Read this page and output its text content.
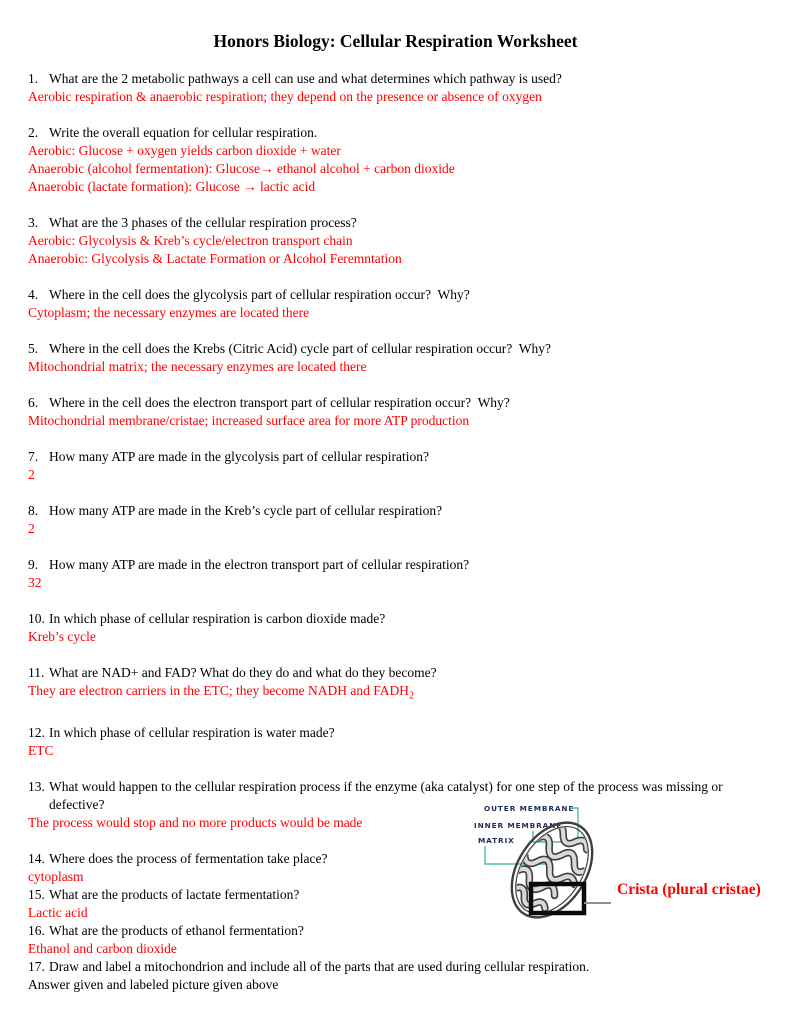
Honors Biology: Cellular Respiration Worksheet
1. What are the 2 metabolic pathways a cell can use and what determines which pathway is used?
Aerobic respiration & anaerobic respiration; they depend on the presence or absence of oxygen
2. Write the overall equation for cellular respiration.
Aerobic: Glucose + oxygen yields carbon dioxide + water
Anaerobic (alcohol fermentation): Glucose→ ethanol alcohol + carbon dioxide
Anaerobic (lactate formation): Glucose → lactic acid
3. What are the 3 phases of the cellular respiration process?
Aerobic: Glycolysis & Kreb’s cycle/electron transport chain
Anaerobic: Glycolysis & Lactate Formation or Alcohol Feremntation
4. Where in the cell does the glycolysis part of cellular respiration occur?  Why?
Cytoplasm; the necessary enzymes are located there
5. Where in the cell does the Krebs (Citric Acid) cycle part of cellular respiration occur?  Why?
Mitochondrial matrix; the necessary enzymes are located there
6. Where in the cell does the electron transport part of cellular respiration occur?  Why?
Mitochondrial membrane/cristae; increased surface area for more ATP production
7. How many ATP are made in the glycolysis part of cellular respiration?
2
8. How many ATP are made in the Kreb’s cycle part of cellular respiration?
2
9. How many ATP are made in the electron transport part of cellular respiration?
32
10. In which phase of cellular respiration is carbon dioxide made?
Kreb’s cycle
11. What are NAD+ and FAD? What do they do and what do they become?
They are electron carriers in the ETC; they become NADH and $FADH_2$
12. In which phase of cellular respiration is water made?
ETC
13. What would happen to the cellular respiration process if the enzyme (aka catalyst) for one step of the process was missing or defective?
The process would stop and no more products would be made
14. Where does the process of fermentation take place?
cytoplasm
15. What are the products of lactate fermentation?
Lactic acid
16. What are the products of ethanol fermentation?
Ethanol and carbon dioxide
17. Draw and label a mitochondrion and include all of the parts that are used during cellular respiration.
Answer given and labeled picture given above
OUTER MEMBRANE
INNER MEMBRANE
MATRIX
Crista (plural cristae)
